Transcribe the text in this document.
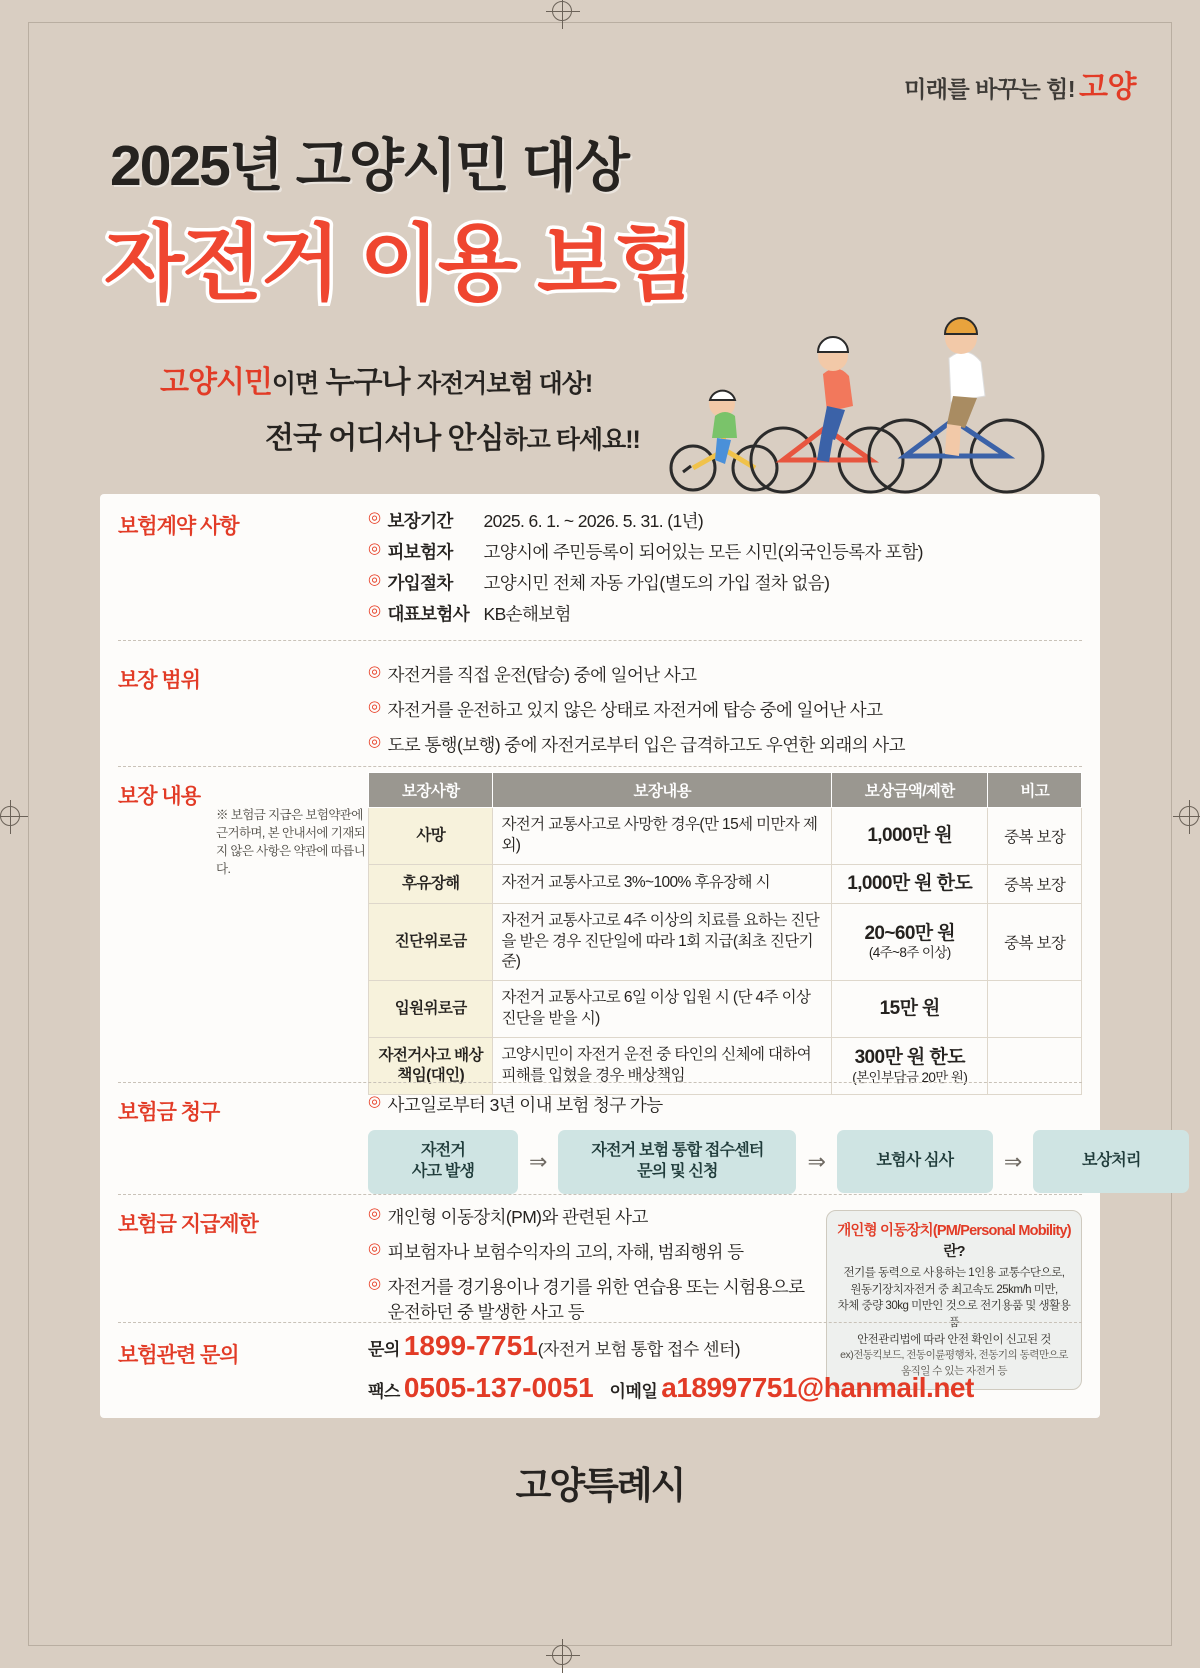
미래를 바꾸는 힘! 고양
2025년 고양시민 대상
자전거 이용 보험
고양시민이면 누구나 자전거보험 대상!
전국 어디서나 안심하고 타세요!!
보험계약 사항	◎ 보장기간	2025. 6. 1. ~ 2026. 5. 31. (1년)
◎ 피보험자	고양시에 주민등록이 되어있는 모든 시민(외국인등록자 포함)
◎ 가입절차	고양시민 전체 자동 가입(별도의 가입 절차 없음)
◎ 대표보험사 KB손해보험
보장 범위	◎ 자전거를 직접 운전(탑승) 중에 일어난 사고
◎ 자전거를 운전하고 있지 않은 상태로 자전거에 탑승 중에 일어난 사고
◎ 도로 통행(보행) 중에 자전거로부터 입은 급격하고도 우연한 외래의 사고
보장 내용
※ 보험금 지급은 보험약관에 근거하며, 본 안내서에 기재되지 않은 사항은 약관에 따릅니다.
보장사항	보장내용	보상금액/제한	비고
사망	자전거 교통사고로 사망한 경우(만 15세 미만자 제외)	1,000만 원	중복 보장
후유장해	자전거 교통사고로 3%~100% 후유장해 시	1,000만 원 한도	중복 보장
진단위로금	자전거 교통사고로 4주 이상의 치료를 요하는 진단을 받은 경우 진단일에 따라 1회 지급(최초 진단기준)	20~60만 원
(4주~8주 이상)	중복 보장
입원위로금	자전거 교통사고로 6일 이상 입원 시 (단 4주 이상 진단을 받을 시)	15만 원	
자전거사고 배상 책임(대인)	고양시민이 자전거 운전 중 타인의 신체에 대하여 피해를 입혔을 경우 배상책임	300만 원 한도
(본인부담금 20만 원)	

보험금 청구	◎ 사고일로부터 3년 이내 보험 청구 가능
자전거
사고 발생	⇒	자전거 보험 통합 접수센터
문의 및 신청	⇒	보험사 심사	⇒	보상처리
보험금 지급제한	◎ 개인형 이동장치(PM)와 관련된 사고
◎ 피보험자나 보험수익자의 고의, 자해, 범죄행위 등
◎ 자전거를 경기용이나 경기를 위한 연습용 또는 시험용으로 운전하던 중 발생한 사고 등
개인형 이동장치(PM/Personal Mobility)란?
전기를 동력으로 사용하는 1인용 교통수단으로,
원동기장치자전거 중 최고속도 25km/h 미만,
차체 중량 30kg 미만인 것으로 전기용품 및 생활용품
안전관리법에 따라 안전 확인이 신고된 것
ex)전동킥보드, 전동이륜평행차, 전동기의 동력만으로
움직일 수 있는 자전거 등
보험관련 문의	문의 1899-7751(자전거 보험 통합 접수 센터)
팩스 0505-137-0051 이메일 a18997751@hanmail.net
고양특례시
